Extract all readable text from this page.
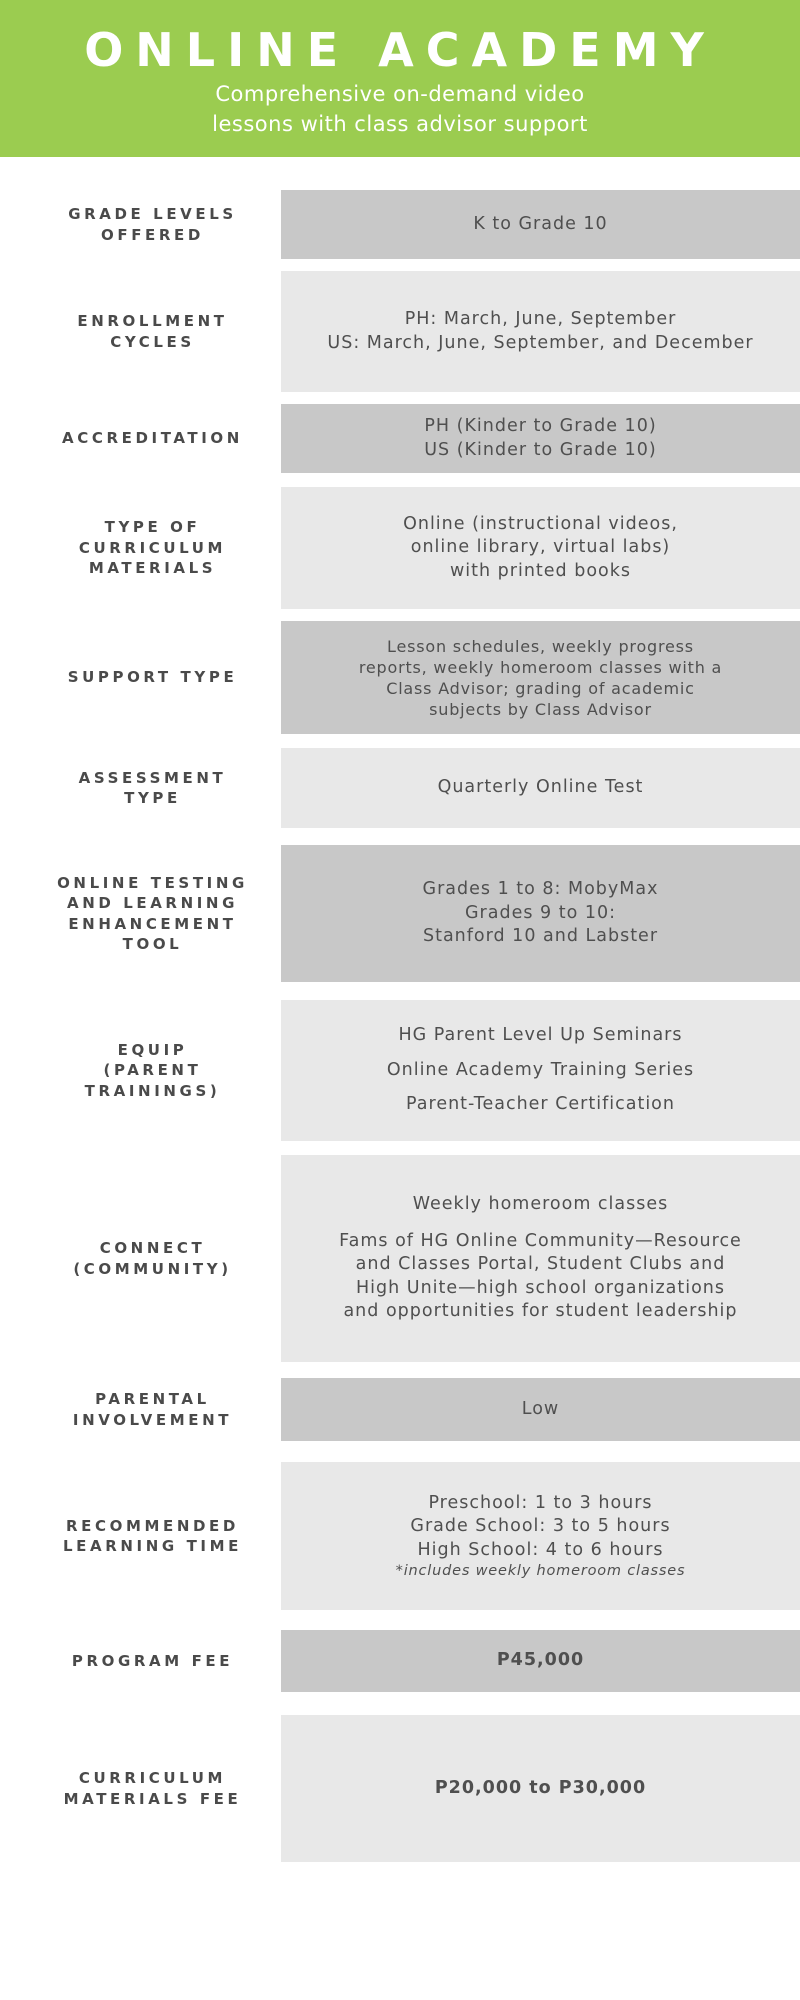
ONLINE ACADEMY
Comprehensive on-demand video
lessons with class advisor support
GRADE LEVELS
OFFERED
K to Grade 10
ENROLLMENT
CYCLES
PH: March, June, September
US: March, June, September, and December
ACCREDITATION
PH (Kinder to Grade 10)
US (Kinder to Grade 10)
TYPE OF
CURRICULUM
MATERIALS
Online (instructional videos,
online library, virtual labs)
with printed books
SUPPORT TYPE
Lesson schedules, weekly progress
reports, weekly homeroom classes with a
Class Advisor; grading of academic
subjects by Class Advisor
ASSESSMENT
TYPE
Quarterly Online Test
ONLINE TESTING
AND LEARNING
ENHANCEMENT
TOOL
Grades 1 to 8: MobyMax
Grades 9 to 10:
Stanford 10 and Labster
EQUIP
(PARENT
TRAININGS)
HG Parent Level Up Seminars
Online Academy Training Series
Parent-Teacher Certification
CONNECT
(COMMUNITY)
Weekly homeroom classes
Fams of HG Online Community—Resource
and Classes Portal, Student Clubs and
High Unite—high school organizations
and opportunities for student leadership
PARENTAL
INVOLVEMENT
Low
RECOMMENDED
LEARNING TIME
Preschool: 1 to 3 hours
Grade School: 3 to 5 hours
High School: 4 to 6 hours
*includes weekly homeroom classes
PROGRAM FEE	P45,000
CURRICULUM
MATERIALS FEE
P20,000 to P30,000
